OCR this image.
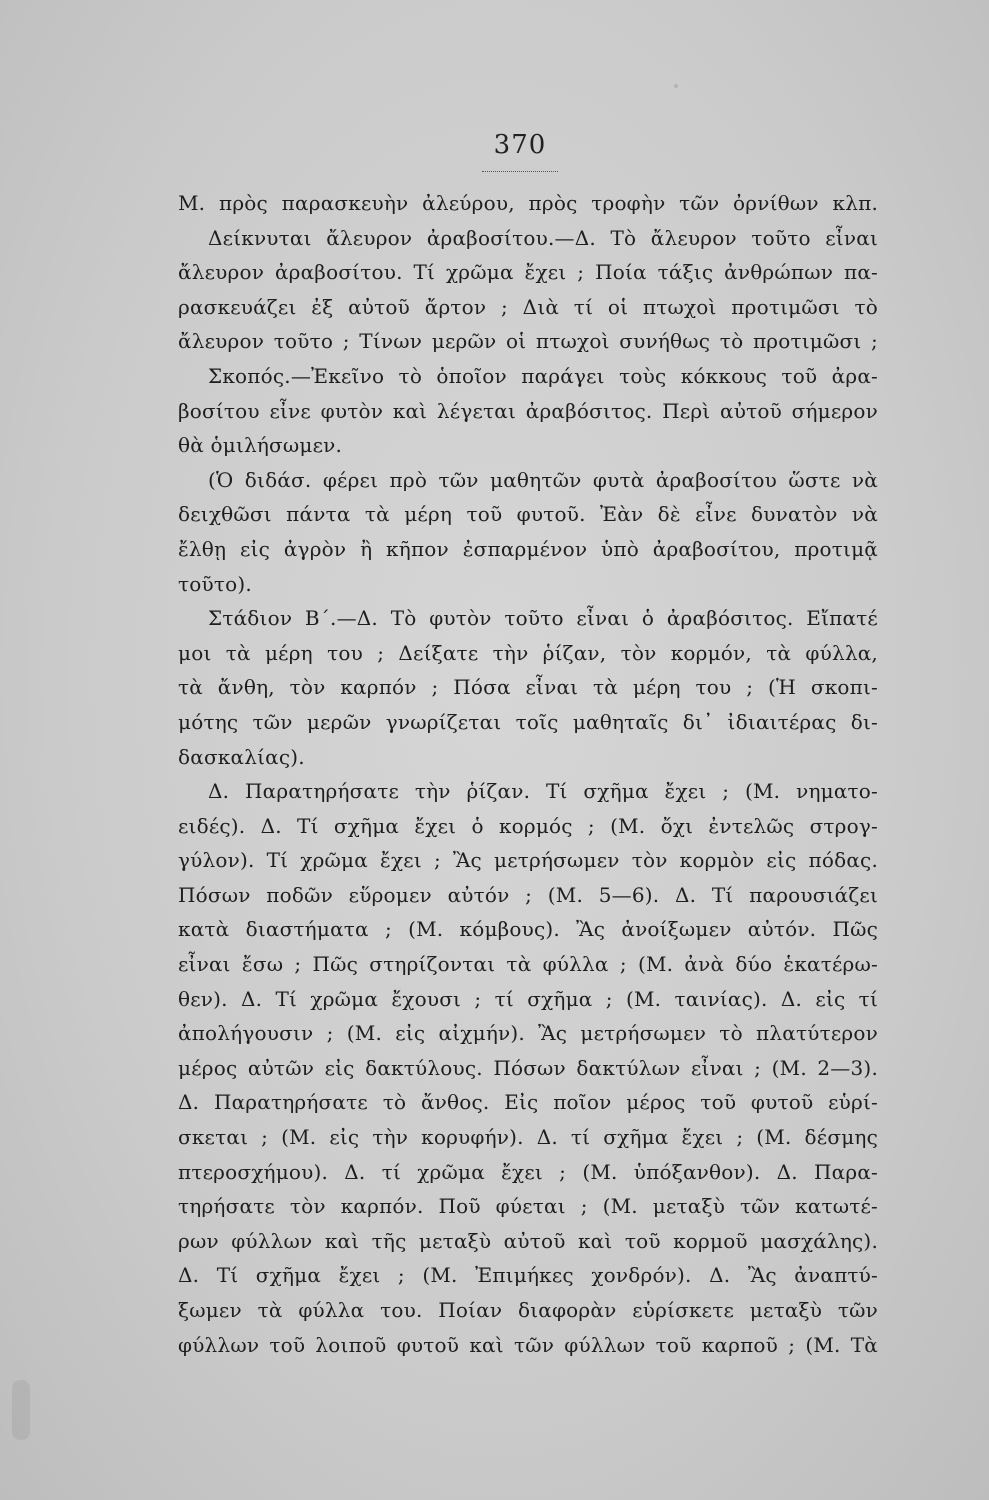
370
Μ. πρὸς παρασκευὴν ἀλεύρου, πρὸς τροφὴν τῶν ὀρνίθων κλπ.
Δείκνυται ἄλευρον ἀραβοσίτου.—Δ. Τὸ ἄλευρον τοῦτο εἶναι
ἄλευρον ἀραβοσίτου. Τί χρῶμα ἔχει ; Ποία τάξις ἀνθρώπων πα-
ρασκευάζει ἐξ αὐτοῦ ἄρτον ; Διὰ τί οἱ πτωχοὶ προτιμῶσι τὸ
ἄλευρον τοῦτο ; Τίνων μερῶν οἱ πτωχοὶ συνήθως τὸ προτιμῶσι ;
Σκοπός.—Ἐκεῖνο τὸ ὁποῖον παράγει τοὺς κόκκους τοῦ ἀρα-
βοσίτου εἶνε φυτὸν καὶ λέγεται ἀραβόσιτος. Περὶ αὐτοῦ σήμερον
θὰ ὁμιλήσωμεν.
(Ὁ διδάσ. φέρει πρὸ τῶν μαθητῶν φυτὰ ἀραβοσίτου ὥστε νὰ
δειχθῶσι πάντα τὰ μέρη τοῦ φυτοῦ. Ἐὰν δὲ εἶνε δυνατὸν νὰ
ἔλθῃ εἰς ἀγρὸν ἢ κῆπον ἐσπαρμένον ὑπὸ ἀραβοσίτου, προτιμᾷ
τοῦτο).
Στάδιον Β΄.—Δ. Τὸ φυτὸν τοῦτο εἶναι ὁ ἀραβόσιτος. Εἴπατέ
μοι τὰ μέρη του ; Δείξατε τὴν ῥίζαν, τὸν κορμόν, τὰ φύλλα,
τὰ ἄνθη, τὸν καρπόν ; Πόσα εἶναι τὰ μέρη του ; (Ἡ σκοπι-
μότης τῶν μερῶν γνωρίζεται τοῖς μαθηταῖς δι᾽ ἰδιαιτέρας δι-
δασκαλίας).
Δ. Παρατηρήσατε τὴν ῥίζαν. Τί σχῆμα ἔχει ; (Μ. νηματο-
ειδές). Δ. Τί σχῆμα ἔχει ὁ κορμός ; (Μ. ὄχι ἐντελῶς στρογ-
γύλον). Τί χρῶμα ἔχει ; Ἂς μετρήσωμεν τὸν κορμὸν εἰς πόδας.
Πόσων ποδῶν εὕρομεν αὐτόν ; (Μ. 5—6). Δ. Τί παρουσιάζει
κατὰ διαστήματα ; (Μ. κόμβους). Ἂς ἀνοίξωμεν αὐτόν. Πῶς
εἶναι ἔσω ; Πῶς στηρίζονται τὰ φύλλα ; (Μ. ἀνὰ δύο ἑκατέρω-
θεν). Δ. Τί χρῶμα ἔχουσι ; τί σχῆμα ; (Μ. ταινίας). Δ. εἰς τί
ἀπολήγουσιν ; (Μ. εἰς αἰχμήν). Ἂς μετρήσωμεν τὸ πλατύτερον
μέρος αὐτῶν εἰς δακτύλους. Πόσων δακτύλων εἶναι ; (Μ. 2—3).
Δ. Παρατηρήσατε τὸ ἄνθος. Εἰς ποῖον μέρος τοῦ φυτοῦ εὑρί-
σκεται ; (Μ. εἰς τὴν κορυφήν). Δ. τί σχῆμα ἔχει ; (Μ. δέσμης
πτεροσχήμου). Δ. τί χρῶμα ἔχει ; (Μ. ὑπόξανθον). Δ. Παρα-
τηρήσατε τὸν καρπόν. Ποῦ φύεται ; (Μ. μεταξὺ τῶν κατωτέ-
ρων φύλλων καὶ τῆς μεταξὺ αὐτοῦ καὶ τοῦ κορμοῦ μασχάλης).
Δ. Τί σχῆμα ἔχει ; (Μ. Ἐπιμήκες χονδρόν). Δ. Ἂς ἀναπτύ-
ξωμεν τὰ φύλλα του. Ποίαν διαφορὰν εὑρίσκετε μεταξὺ τῶν
φύλλων τοῦ λοιποῦ φυτοῦ καὶ τῶν φύλλων τοῦ καρποῦ ; (Μ. Τὰ
